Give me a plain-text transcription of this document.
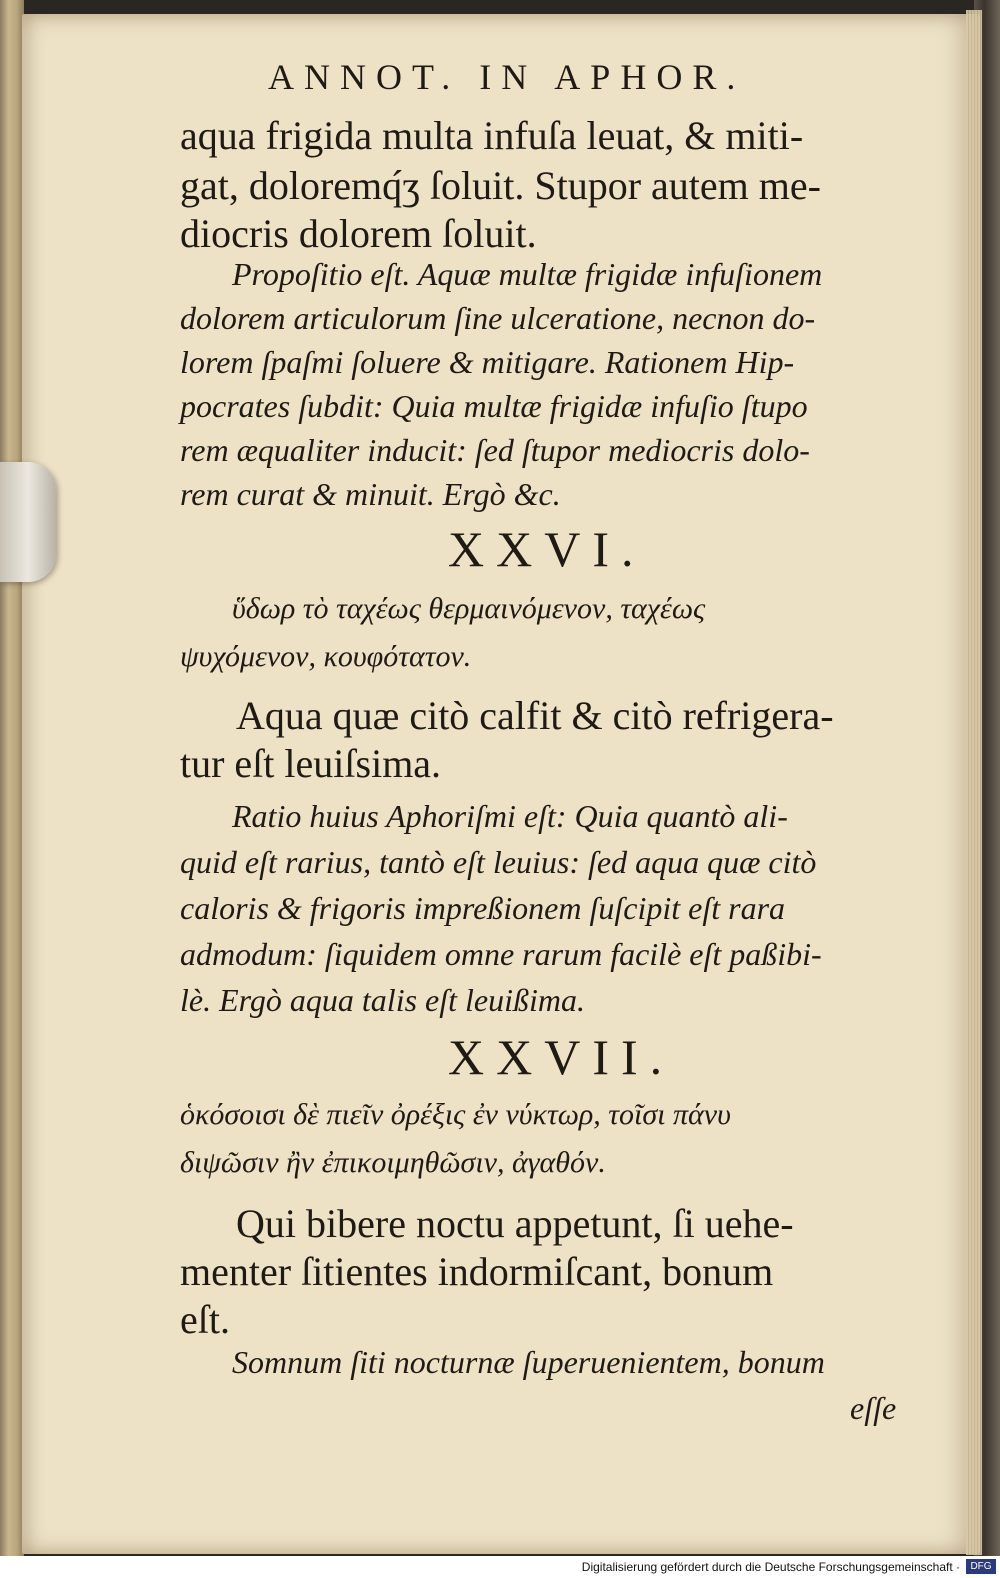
ANNOT. IN APHOR.
aqua frigida multa infuſa leuat, & miti-
gat, doloremq́ʒ ſoluit. Stupor autem me-
diocris dolorem ſoluit.
Propoſitio eſt. Aquæ multæ frigidæ infuſionem
dolorem articulorum ſine ulceratione, necnon do-
lorem ſpaſmi ſoluere & mitigare. Rationem Hip-
pocrates ſubdit: Quia multæ frigidæ infuſio ſtupo
rem æqualiter inducit: ſed ſtupor mediocris dolo-
rem curat & minuit. Ergò &c.
XXVI.
ὕδωρ τὸ ταχέως θερμαινόμενον, ταχέως
ψυχόμενον, κουφότατον.
Aqua quæ citò calfit & citò refrigera-
tur eſt leuiſsima.
Ratio huius Aphoriſmi eſt: Quia quantò ali-
quid eſt rarius, tantò eſt leuius: ſed aqua quæ citò
caloris & frigoris impreßionem ſuſcipit eſt rara
admodum: ſiquidem omne rarum facilè eſt paßibi-
lè. Ergò aqua talis eſt leuißima.
XXVII.
ὁκόσοισι δὲ πιεῖν ὀρέξις ἐν νύκτωρ, τοῖσι πάνυ
διψῶσιν ἢν ἐπικοιμηθῶσιν, ἀγαθόν.
Qui bibere noctu appetunt, ſi uehe-
menter ſitientes indormiſcant, bonum
eſt.
Somnum ſiti nocturnæ ſuperuenientem, bonum
eſſe
Digitalisierung gefördert durch die Deutsche Forschungsgemeinschaft ·	DFG
